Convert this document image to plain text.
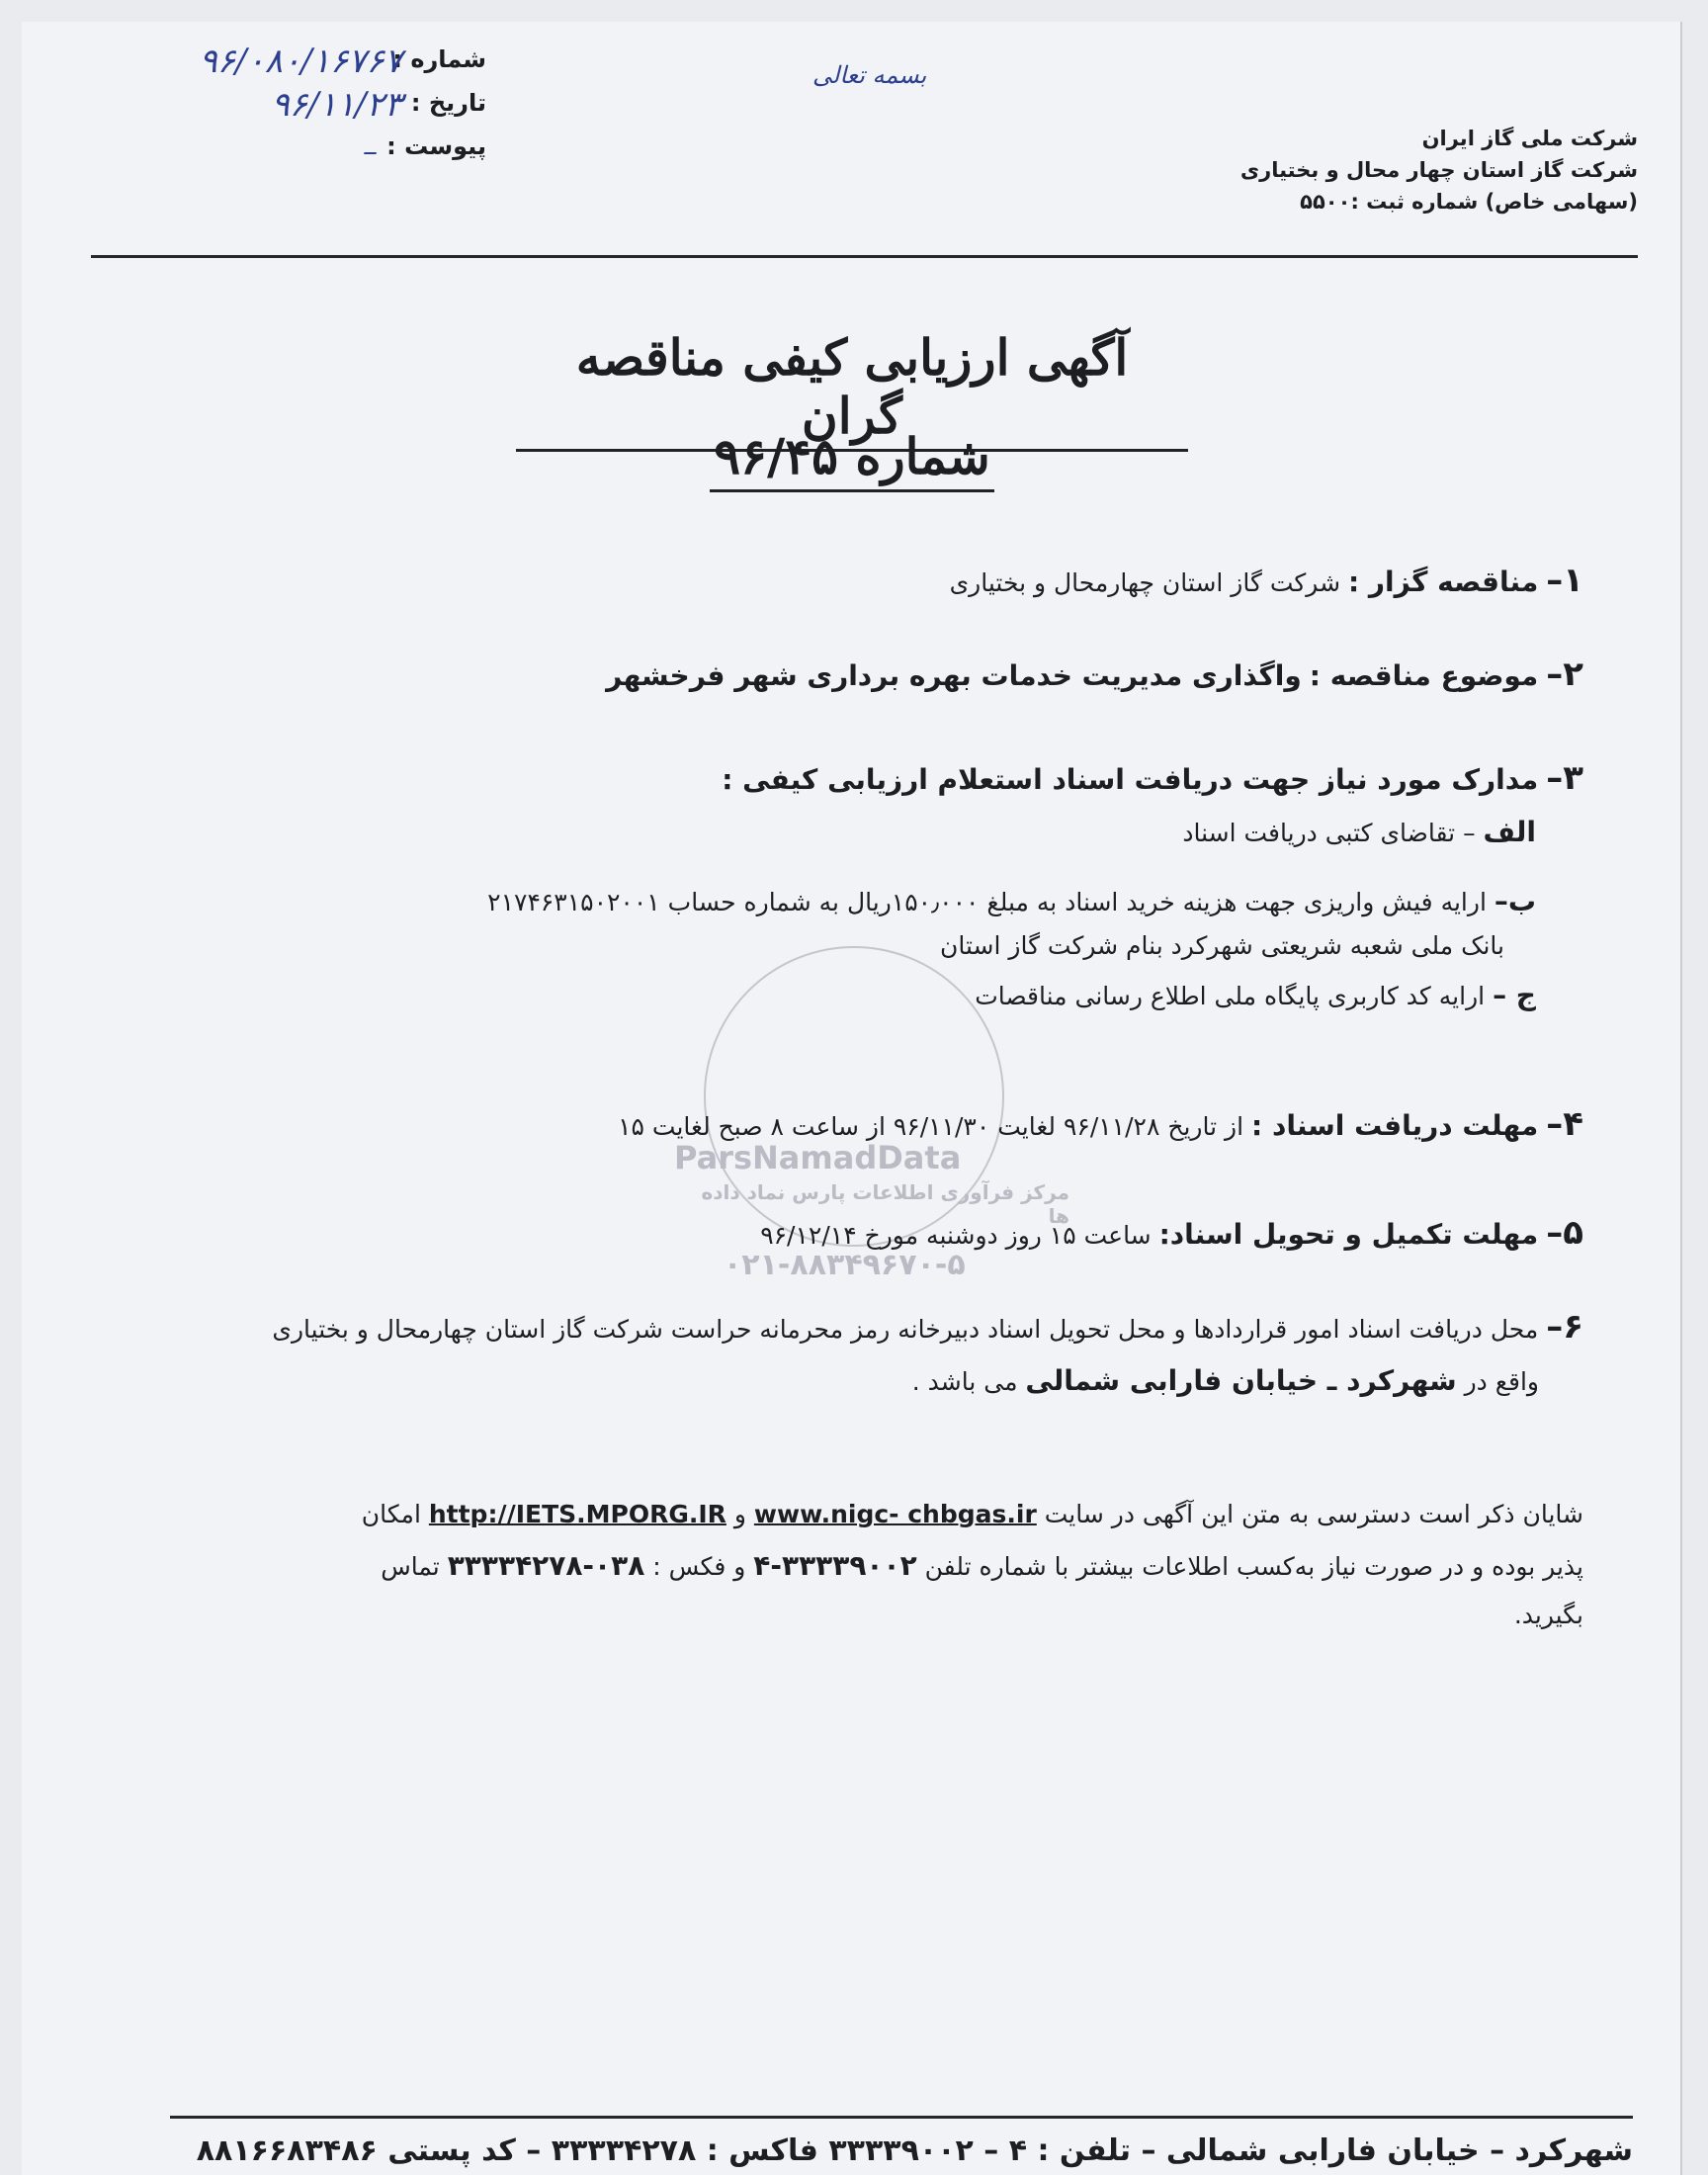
شماره :
۹۶/۰۸۰/۱۶۷۶۷
تاریخ :
۹۶/۱۱/۲۳
پیوست :
–
بسمه تعالی
شرکت ملی گاز ایران
شرکت گاز استان چهار محال و بختیاری
(سهامی خاص) شماره ثبت :۵۵۰۰
آگهی ارزیابی کیفی مناقصه گران
شماره ۹۶/۴۵
ParsNamadData
مرکز فرآوری اطلاعات پارس نماد داده ها
۰۲۱-۸۸۳۴۹۶۷۰-۵
۱– مناقصه گزار : شرکت گاز استان چهارمحال و بختیاری
۲– موضوع مناقصه : واگذاری مدیریت خدمات بهره برداری شهر فرخشهر
۳– مدارک مورد نیاز جهت دریافت اسناد استعلام ارزیابی کیفی :
الف – تقاضای کتبی دریافت اسناد
ب– ارایه فیش واریزی جهت هزینه خرید اسناد به مبلغ ۱۵۰٫۰۰۰ریال به شماره حساب ۲۱۷۴۶۳۱۵۰۲۰۰۱
بانک ملی شعبه شریعتی شهرکرد بنام شرکت گاز استان
ج – ارایه کد کاربری پایگاه ملی اطلاع رسانی مناقصات
۴– مهلت دریافت اسناد : از تاریخ ۹۶/۱۱/۲۸ لغایت ۹۶/۱۱/۳۰ از ساعت ۸ صبح لغایت ۱۵
۵– مهلت تکمیل و تحویل اسناد: ساعت ۱۵ روز دوشنبه مورخ ۹۶/۱۲/۱۴
۶– محل دریافت اسناد امور قراردادها و محل تحویل اسناد دبیرخانه رمز محرمانه حراست شرکت گاز استان چهارمحال و بختیاری
واقع در شهرکرد ـ خیابان فارابی شمالی می باشد .
شایان ذکر است دسترسی به متن این آگهی در سایت www.nigc- chbgas.ir و http://IETS.MPORG.IR امکان
پذیر بوده و در صورت نیاز به‌کسب اطلاعات بیشتر با شماره تلفن ۳۳۳۳۹۰۰۲-۴ و فکس : ۰۳۸-۳۳۳۳۴۲۷۸ تماس
بگیرید.
شهرکرد – خیابان فارابی شمالی – تلفن : ۴ – ۳۳۳۳۹۰۰۲ فاکس : ۳۳۳۳۴۲۷۸ – کد پستی ۸۸۱۶۶۸۳۴۸۶
